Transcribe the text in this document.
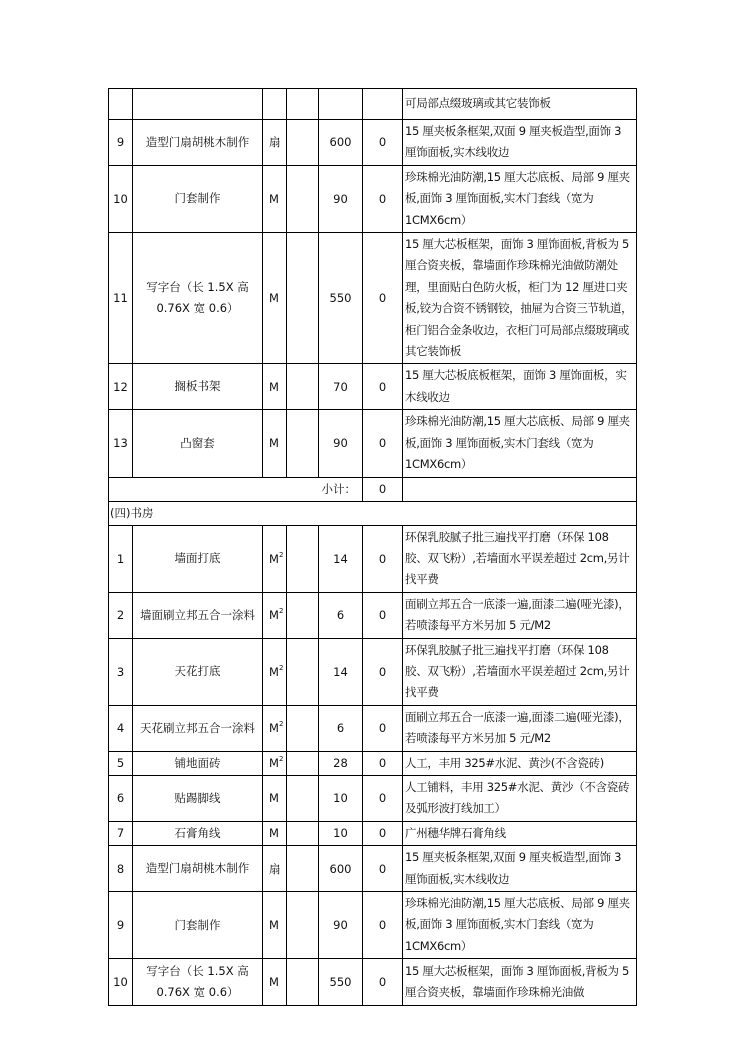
						可局部点缀玻璃或其它装饰板
9	造型门扇胡桃木制作	扇		600	0	15 厘夹板条框架,双面 9 厘夹板造型,面饰 3 厘饰面板,实木线收边
10	门套制作	M		90	0	珍珠棉光油防潮,15 厘大芯底板、局部 9 厘夹板,面饰 3 厘饰面板,实木门套线（宽为 1CMX6cm）
11	写字台（长 1.5X 高 0.76X 宽 0.6）	M		550	0	15 厘大芯板框架，面饰 3 厘饰面板,背板为 5 厘合资夹板，靠墙面作珍珠棉光油做防潮处理，里面贴白色防火板，柜门为 12 厘进口夹板,铰为合资不锈钢铰，抽屉为合资三节轨道，柜门铝合金条收边，衣柜门可局部点缀玻璃或其它装饰板
12	搁板书架	M		70	0	15 厘大芯板底板框架，面饰 3 厘饰面板，实木线收边
13	凸窗套	M		90	0	珍珠棉光油防潮,15 厘大芯底板、局部 9 厘夹板,面饰 3 厘饰面板,实木门套线（宽为 1CMX6cm）
小计：					0	
(四)书房						
1	墙面打底	$M^2$		14	0	环保乳胶腻子批三遍找平打磨（环保 108 胶、双飞粉）,若墙面水平误差超过 2cm,另计找平费
2	墙面刷立邦五合一涂料	$M^2$		6	0	面刷立邦五合一底漆一遍,面漆二遍(哑光漆)，若喷漆每平方米另加 5 元/M2
3	天花打底	$M^2$		14	0	环保乳胶腻子批三遍找平打磨（环保 108 胶、双飞粉）,若墙面水平误差超过 2cm,另计找平费
4	天花刷立邦五合一涂料	$M^2$		6	0	面刷立邦五合一底漆一遍,面漆二遍(哑光漆)，若喷漆每平方米另加 5 元/M2
5	铺地面砖	$M^2$		28	0	人工，丰用 325#水泥、黄沙(不含瓷砖)
6	贴踢脚线	M		10	0	人工铺料，丰用 325#水泥、黄沙（不含瓷砖及弧形波打线加工）
7	石膏角线	M		10	0	广州穗华牌石膏角线
8	造型门扇胡桃木制作	扇		600	0	15 厘夹板条框架,双面 9 厘夹板造型,面饰 3 厘饰面板,实木线收边
9	门套制作	M		90	0	珍珠棉光油防潮,15 厘大芯底板、局部 9 厘夹板,面饰 3 厘饰面板,实木门套线（宽为 1CMX6cm）
10	写字台（长 1.5X 高 0.76X 宽 0.6）	M		550	0	15 厘大芯板框架，面饰 3 厘饰面板,背板为 5 厘合资夹板，靠墙面作珍珠棉光油做
